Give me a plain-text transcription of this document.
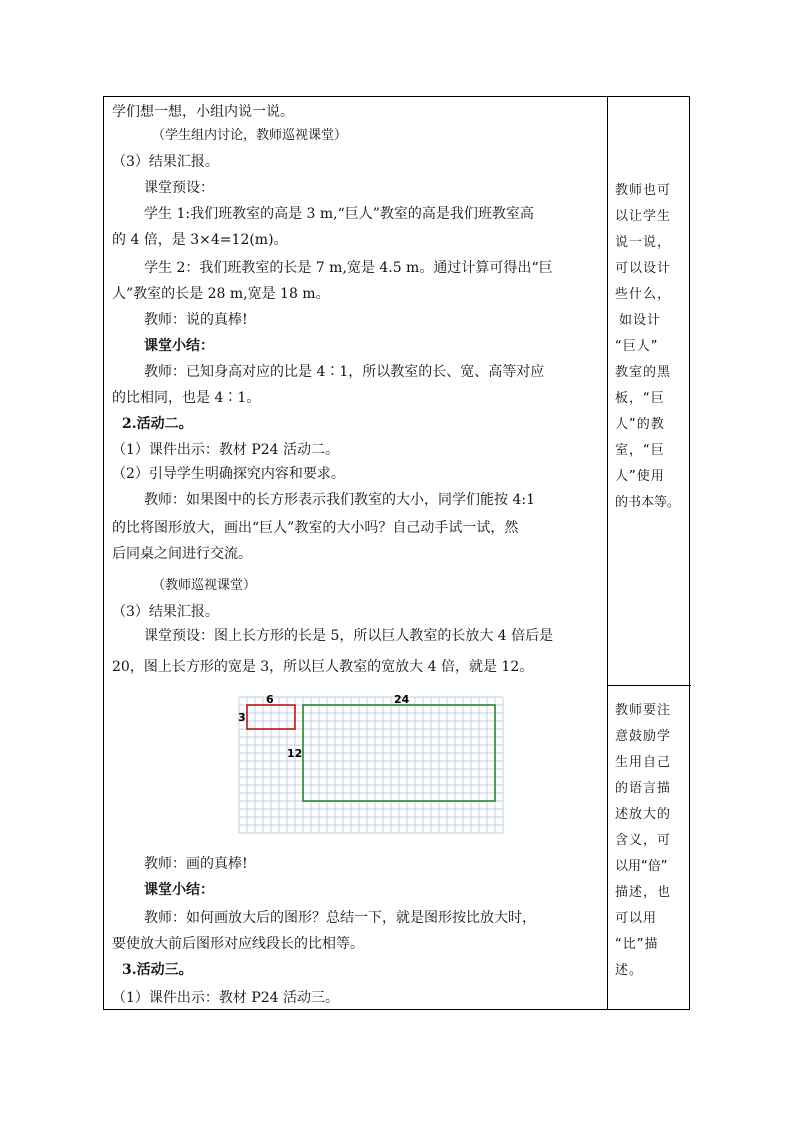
学们想一想，小组内说一说。
（学生组内讨论，教师巡视课堂）
（3）结果汇报。
课堂预设：
学生 1:我们班教室的高是 3 m,“巨人”教室的高是我们班教室高
的 4 倍，是 3×4=12(m)。
学生 2：我们班教室的长是 7 m,宽是 4.5 m。通过计算可得出“巨
人”教室的长是 28 m,宽是 18 m。
教师：说的真棒!
课堂小结：
教师：已知身高对应的比是 4∶1，所以教室的长、宽、高等对应
的比相同，也是 4∶1。
2.活动二。
（1）课件出示：教材 P24 活动二。
（2）引导学生明确探究内容和要求。
教师：如果图中的长方形表示我们教室的大小，同学们能按 4:1
的比将图形放大，画出“巨人”教室的大小吗？自己动手试一试，然
后同桌之间进行交流。
（教师巡视课堂）
（3）结果汇报。
课堂预设：图上长方形的长是 5，所以巨人教室的长放大 4 倍后是
20，图上长方形的宽是 3，所以巨人教室的宽放大 4 倍，就是 12。
教师：画的真棒!
课堂小结：
教师：如何画放大后的图形？总结一下，就是图形按比放大时，
要使放大前后图形对应线段长的比相等。
3.活动三。
（1）课件出示：教材 P24 活动三。
6
3
24
12
教师也可
以让学生
说一说，
可以设计
些什么，
如设计
“巨人”
教室的黑
板，“巨
人”的教
室，“巨
人”使用
的书本等。
教师要注
意鼓励学
生用自己
的语言描
述放大的
含义，可
以用“倍”
描述，也
可以用
“比”描
述。
